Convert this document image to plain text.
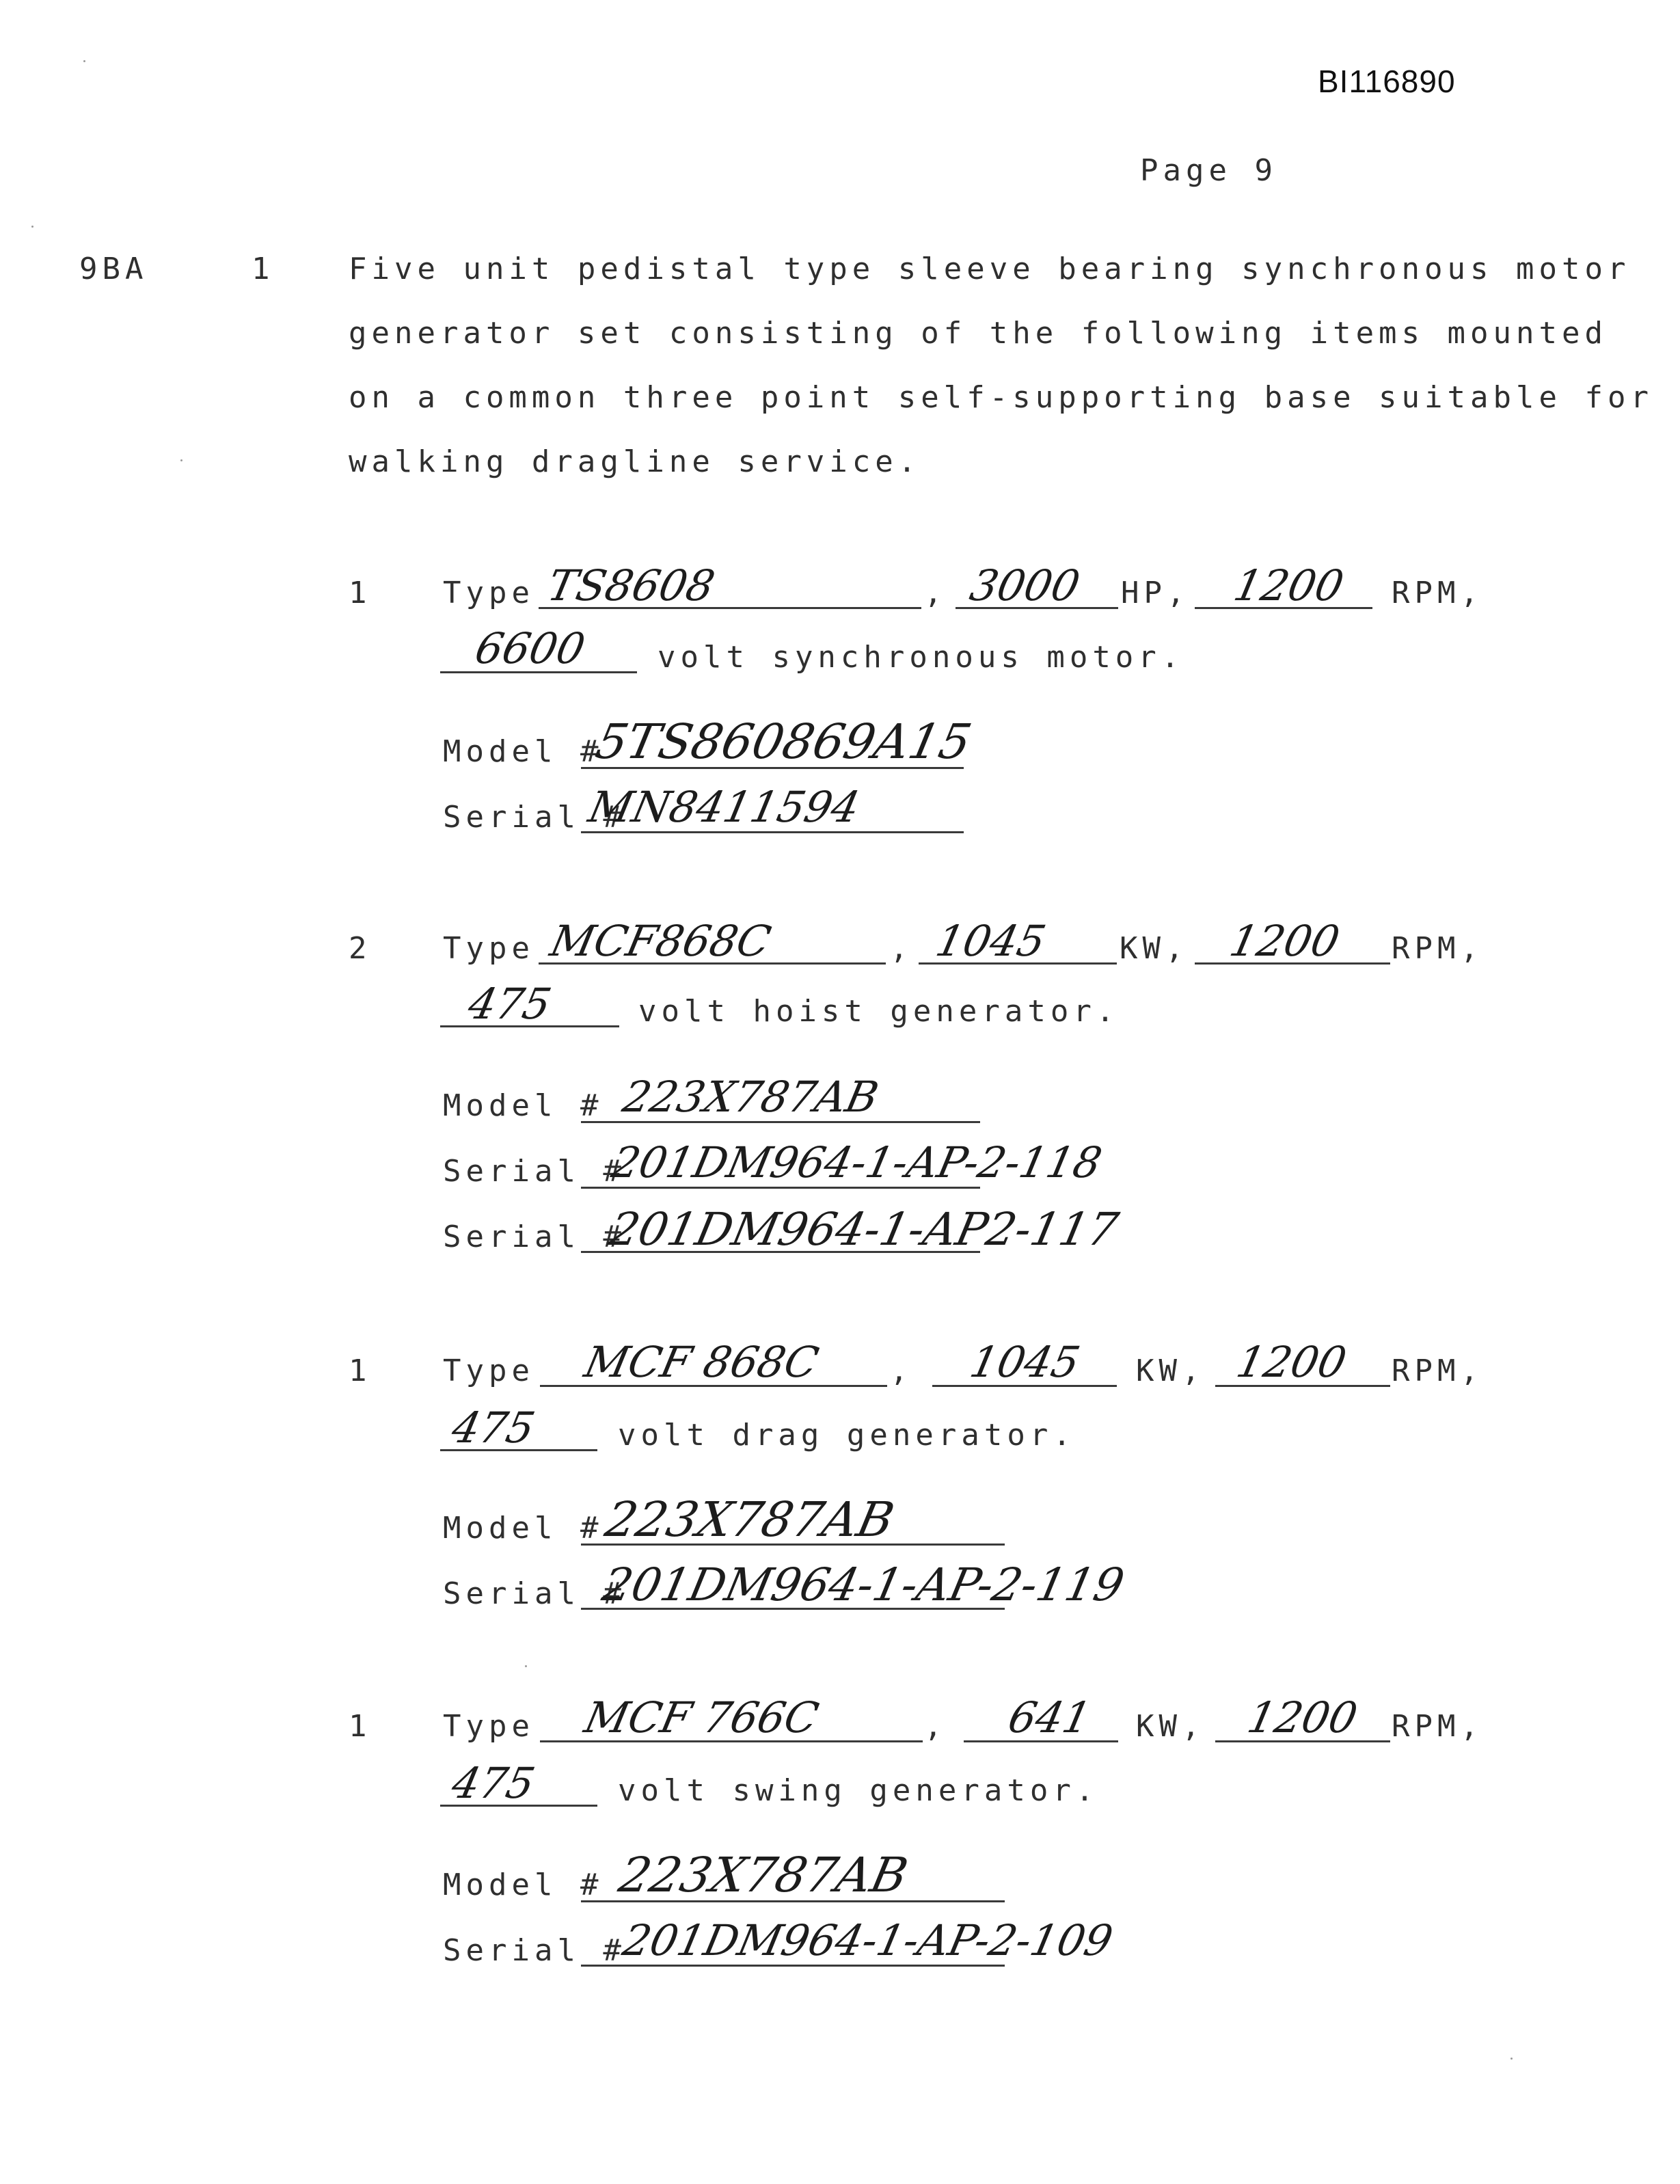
BI116890
Page 9
9BA	1 Five unit pedistal type sleeve bearing synchronous motor
generator set consisting of the following items mounted
on a common three point self-supporting base suitable for
walking dragline service.
1 Type TS8608	, 3000 HP, 1200 RPM,
6600 volt synchronous motor.
Model #
5TS860869A15
Serial #
MN8411594
2 Type MCF868C	, 1045 KW, 1200 RPM,
475	volt hoist generator.
Model # 223X787AB
Serial #
201DM964-1-AP-2-118
Serial #
201DM964-1-AP2-117
1 Type MCF 868C , 1045 KW, 1200 RPM,
475	volt drag generator.
Model #
223X787AB
Serial #
201DM964-1-AP-2-119
1 Type MCF 766C	, 641 KW, 1200 RPM,
475	volt swing generator.
Model # 223X787AB
Serial #
201DM964-1-AP-2-109
